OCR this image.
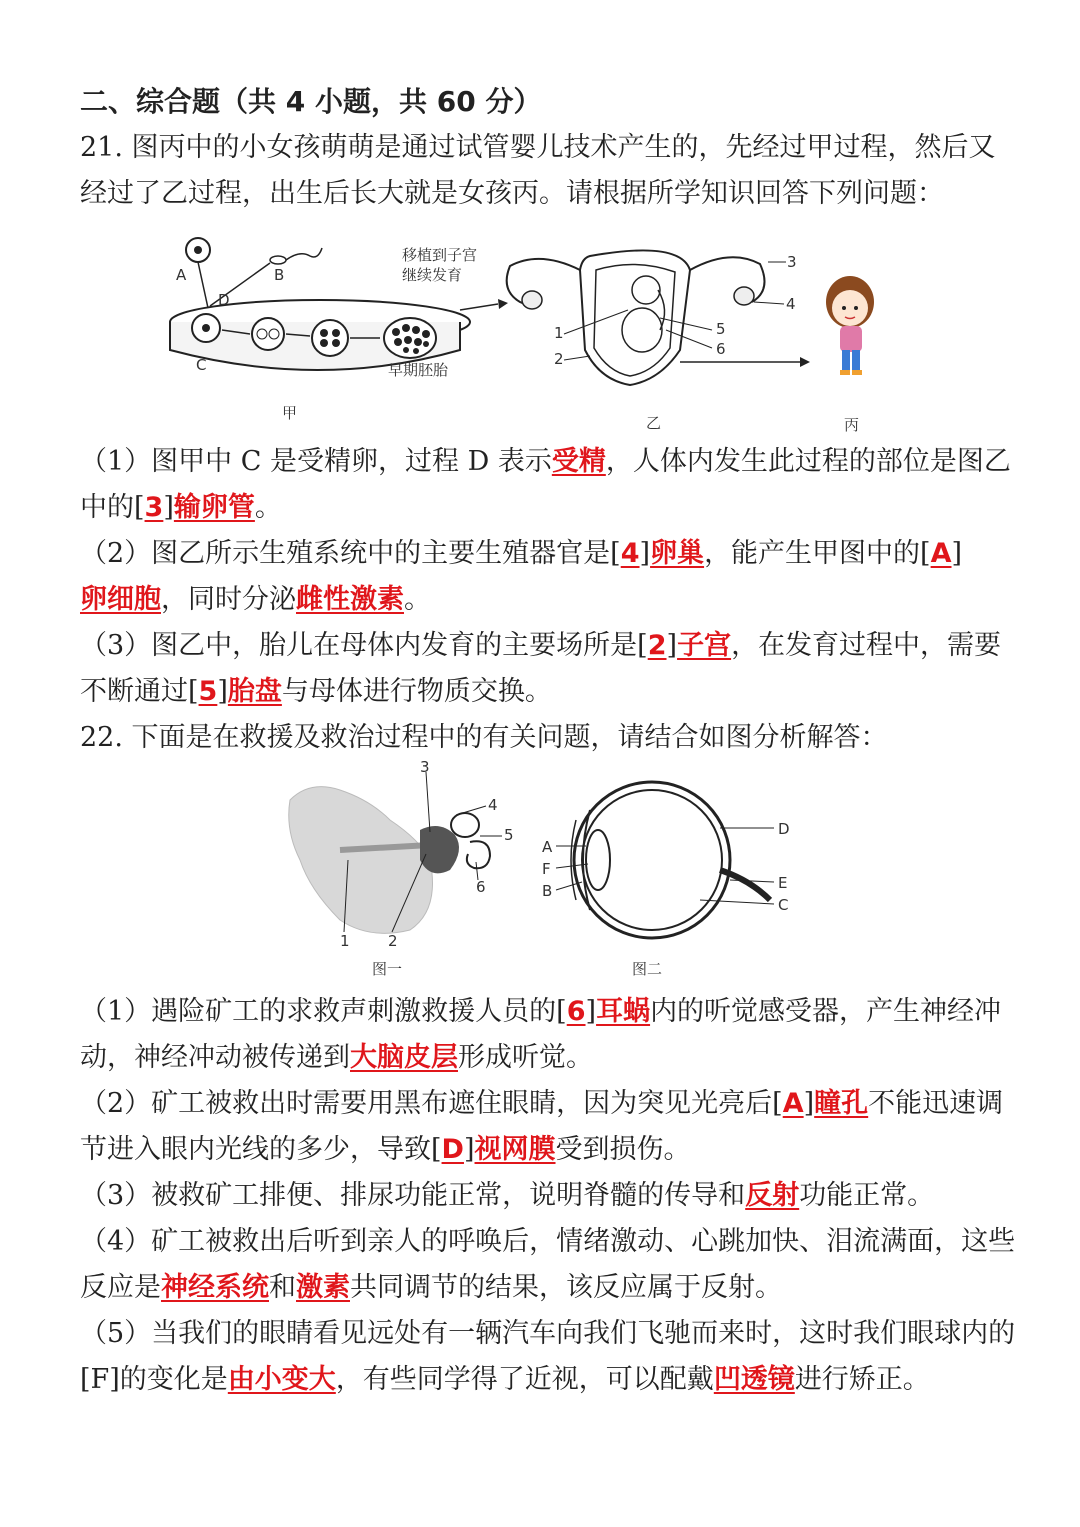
二、综合题（共 4 小题，共 60 分）
21. 图丙中的小女孩萌萌是通过试管婴儿技术产生的，先经过甲过程，然后又
经过了乙过程，出生后长大就是女孩丙。请根据所学知识回答下列问题：
A	B
D
C	早期胚胎
移植到子宫
继续发育
甲
3
4
5
6
1
2
乙	丙
（1）图甲中 C 是受精卵，过程 D 表示受精，人体内发生此过程的部位是图乙
中的[3]输卵管。
（2）图乙所示生殖系统中的主要生殖器官是[4]卵巢，能产生甲图中的[A]
卵细胞，同时分泌雌性激素。
（3）图乙中，胎儿在母体内发育的主要场所是[2]子宫，在发育过程中，需要
不断通过[5]胎盘与母体进行物质交换。
22. 下面是在救援及救治过程中的有关问题，请结合如图分析解答：
3
4
5
6
1	2
图一
A
F
B
D
E
C
图二
（1）遇险矿工的求救声刺激救援人员的[6]耳蜗内的听觉感受器，产生神经冲
动，神经冲动被传递到大脑皮层形成听觉。
（2）矿工被救出时需要用黑布遮住眼睛，因为突见光亮后[A]瞳孔不能迅速调
节进入眼内光线的多少，导致[D]视网膜受到损伤。
（3）被救矿工排便、排尿功能正常，说明脊髓的传导和反射功能正常。
（4）矿工被救出后听到亲人的呼唤后，情绪激动、心跳加快、泪流满面，这些
反应是神经系统和激素共同调节的结果，该反应属于反射。
（5）当我们的眼睛看见远处有一辆汽车向我们飞驰而来时，这时我们眼球内的
[F]的变化是由小变大，有些同学得了近视，可以配戴凹透镜进行矫正。
